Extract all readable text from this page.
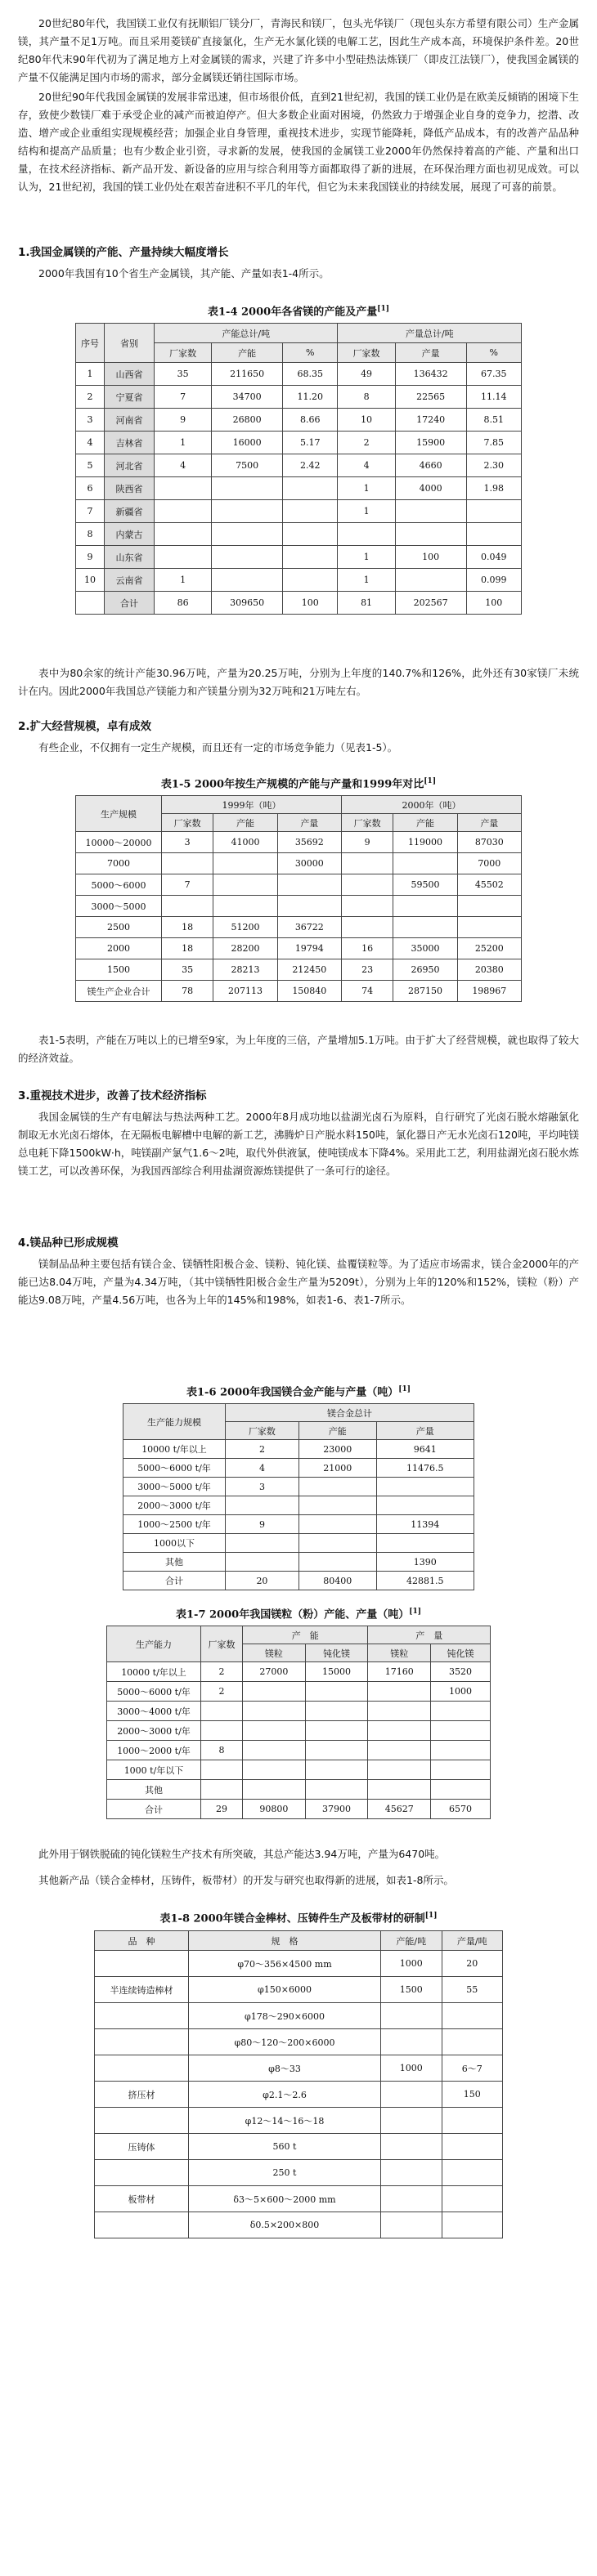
20世纪80年代，我国镁工业仅有抚顺铝厂镁分厂，青海民和镁厂，包头光华镁厂（现包头东方希望有限公司）生产金属镁，其产量不足1万吨。而且采用菱镁矿直接氯化，生产无水氯化镁的电解工艺，因此生产成本高，环境保护条件差。20世纪80年代末90年代初为了满足地方上对金属镁的需求，兴建了许多中小型硅热法炼镁厂（即皮江法镁厂），使我国金属镁的产量不仅能满足国内市场的需求，部分金属镁还销往国际市场。

20世纪90年代我国金属镁的发展非常迅速，但市场很价低，直到21世纪初，我国的镁工业仍是在欧美反倾销的困境下生存，致使少数镁厂难于承受企业的减产而被迫停产。但大多数企业面对困境，仍然致力于增强企业自身的竞争力，挖潜、改造、增产或企业重组实现规模经营；加强企业自身管理，重视技术进步，实现节能降耗，降低产品成本，有的改善产品品种结构和提高产品质量；也有少数企业引资，寻求新的发展，使我国的金属镁工业2000年仍然保持着高的产能、产量和出口量，在技术经济指标、新产品开发、新设备的应用与综合利用等方面都取得了新的进展，在环保治理方面也初见成效。可以认为，21世纪初，我国的镁工业仍处在艰苦奋进积不平几的年代，但它为未来我国镁业的持续发展，展现了可喜的前景。

1.我国金属镁的产能、产量持续大幅度增长

2000年我国有10个省生产金属镁，其产能、产量如表1-4所示。

表1-4 2000年各省镁的产能及产量[1]

序号	省别	产能总计/吨			产量总计/吨		
		厂家数	产能	%	厂家数	产量	%
1	山西省	35	211650	68.35	49	136432	67.35
2	宁夏省	7	34700	11.20	8	22565	11.14
3	河南省	9	26800	8.66	10	17240	8.51
4	吉林省	1	16000	5.17	2	15900	7.85
5	河北省	4	7500	2.42	4	4660	2.30
6	陕西省				1	4000	1.98
7	新疆省				1		
8	内蒙古						
9	山东省				1	100	0.049
10	云南省	1			1		0.099
	合计	86	309650	100	81	202567	100

表中为80余家的统计产能30.96万吨，产量为20.25万吨，分别为上年度的140.7%和126%，此外还有30家镁厂未统计在内。因此2000年我国总产镁能力和产镁量分别为32万吨和21万吨左右。

2.扩大经营规模，卓有成效

有些企业，不仅拥有一定生产规模，而且还有一定的市场竞争能力（见表1-5）。

表1-5 2000年按生产规模的产能与产量和1999年对比[1]

生产规模	1999年（吨）			2000年（吨）		
	厂家数	产能	产量	厂家数	产能	产量
10000～20000	3	41000	35692	9	119000	87030
7000			30000			7000
5000～6000	7				59500	45502
3000～5000						
2500	18	51200	36722			
2000	18	28200	19794	16	35000	25200
1500	35	28213	212450	23	26950	20380
镁生产企业合计	78	207113	150840	74	287150	198967

表1-5表明，产能在万吨以上的已增至9家，为上年度的三倍，产量增加5.1万吨。由于扩大了经营规模，就也取得了较大的经济效益。

3.重视技术进步，改善了技术经济指标

我国金属镁的生产有电解法与热法两种工艺。2000年8月成功地以盐湖光卤石为原料，自行研究了光卤石脱水熔融氯化制取无水光卤石熔体，在无隔板电解槽中电解的新工艺，沸腾炉日产脱水料150吨，氯化器日产无水光卤石120吨，平均吨镁总电耗下降1500kW·h，吨镁副产氯气1.6～2吨，取代外供液氯，使吨镁成本下降4%。采用此工艺，利用盐湖光卤石脱水炼镁工艺，可以改善环保，为我国西部综合利用盐湖资源炼镁提供了一条可行的途径。

4.镁品种已形成规模

镁制品品种主要包括有镁合金、镁牺牲阳极合金、镁粉、钝化镁、盐覆镁粒等。为了适应市场需求，镁合金2000年的产能已达8.04万吨，产量为4.34万吨，（其中镁牺牲阳极合金生产量为5209t），分别为上年的120%和152%，镁粒（粉）产能达9.08万吨，产量4.56万吨，也各为上年的145%和198%，如表1-6、表1-7所示。

表1-6 2000年我国镁合金产能与产量（吨）[1]

生产能力规模	镁合金总计		
	厂家数	产能	产量
10000 t/年以上	2	23000	9641
5000～6000 t/年	4	21000	11476.5
3000～5000 t/年	3		
2000～3000 t/年			
1000～2500 t/年	9		11394
1000以下			
其他			1390
合计	20	80400	42881.5

表1-7 2000年我国镁粒（粉）产能、产量（吨）[1]

生产能力	厂家数	产　能		产　量	
		镁粒	钝化镁	镁粒	钝化镁
10000 t/年以上	2	27000	15000	17160	3520
5000～6000 t/年	2				1000
3000～4000 t/年					
2000～3000 t/年					
1000～2000 t/年	8				
1000 t/年以下					
其他					
合计	29	90800	37900	45627	6570

此外用于钢铁脱硫的钝化镁粒生产技术有所突破，其总产能达3.94万吨，产量为6470吨。

其他新产品（镁合金棒材，压铸件，板带材）的开发与研究也取得新的进展，如表1-8所示。

表1-8 2000年镁合金棒材、压铸件生产及板带材的研制[1]

品　种	规　格	产能/吨	产量/吨
	φ70～356×4500 mm	1000	20
半连续铸造棒材	φ150×6000	1500	55
	φ178～290×6000		
	φ80～120～200×6000		
	φ8～33	1000	6～7
挤压材	φ2.1～2.6		150
	φ12～14～16～18		
压铸体	560 t		
	250 t		
板带材	δ3～5×600～2000 mm		
	δ0.5×200×800		
